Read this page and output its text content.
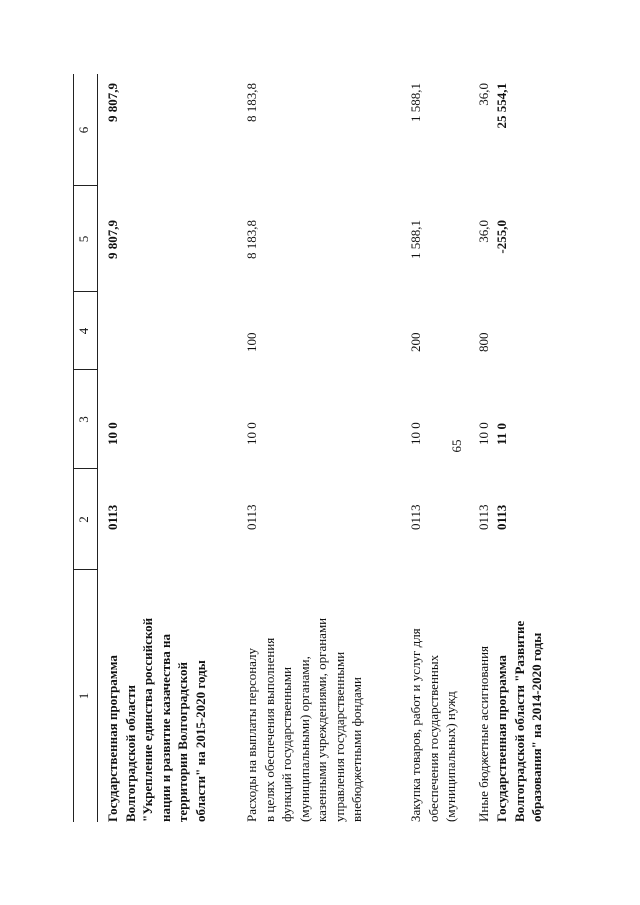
65
1
2
3
4
5
6
Государственная программа Волгоградской области "Укрепление единства российской нации и развитие казачества на территории Волгоградской области" на 2015-2020 годы
0113
10 0
9 807,9
9 807,9
Расходы на выплаты персоналу в целях обеспечения выполнения функций государственными (муниципальными) органами, казенными учреждениями, органами управления государственными внебюджетными фондами
0113
10 0
100
8 183,8
8 183,8
Закупка товаров, работ и услуг для обеспечения государственных (муниципальных) нужд
0113
10 0
200
1 588,1
1 588,1
Иные бюджетные ассигнования
0113
10 0
800
36,0
36,0
Государственная программа Волгоградской области "Развитие образования" на 2014-2020 годы
0113
11 0
-255,0
25 554,1
